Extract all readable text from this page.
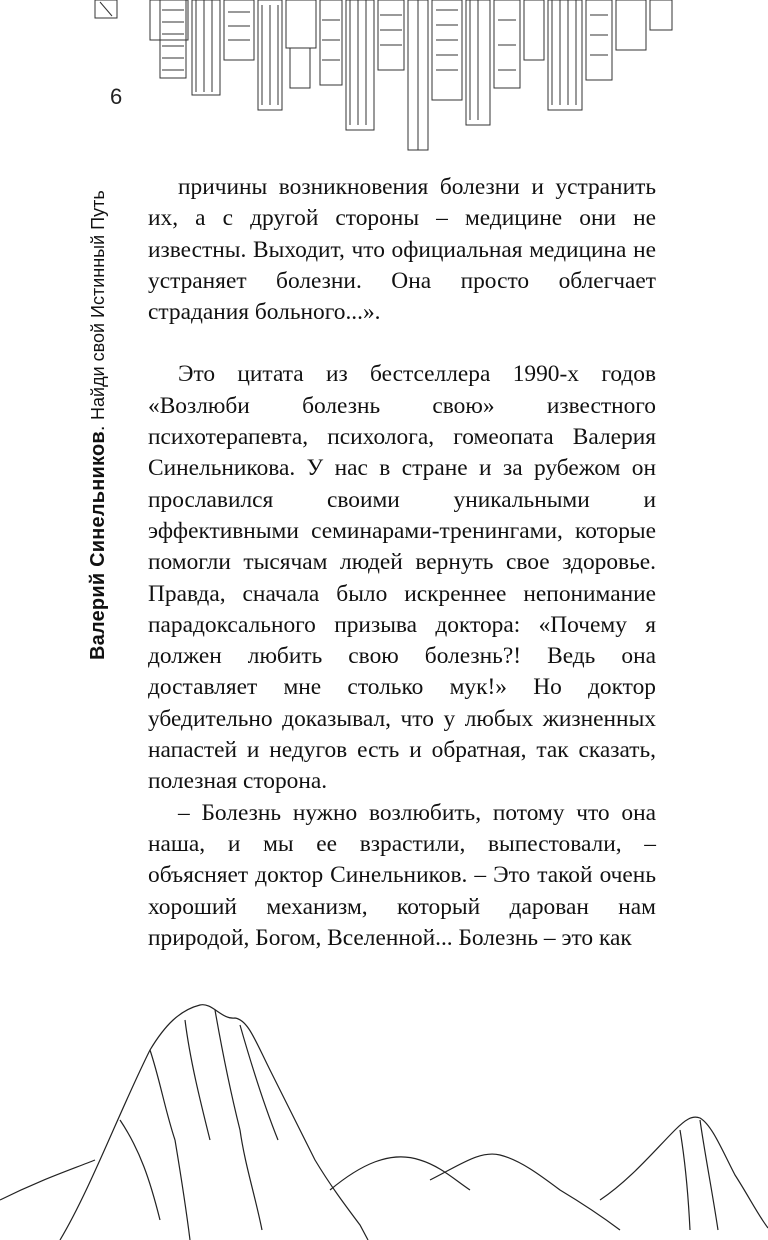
6
Валерий Синельников. Найди свой Истинный Путь

причины возникновения болезни и устранить их, а с другой стороны – медицине они не известны. Выходит, что официальная медицина не устраняет болезни. Она просто облегчает страдания больного...».

Это цитата из бестселлера 1990-х годов «Возлюби болезнь свою» известного психотерапевта, психолога, гомеопата Валерия Синельникова. У нас в стране и за рубежом он прославился своими уникальными и эффективными семинарами-тренингами, которые помогли тысячам людей вернуть свое здоровье. Правда, сначала было искреннее непонимание парадоксального призыва доктора: «Почему я должен любить свою болезнь?! Ведь она доставляет мне столько мук!» Но доктор убедительно доказывал, что у любых жизненных напастей и недугов есть и обратная, так сказать, полезная сторона.

– Болезнь нужно возлюбить, потому что она наша, и мы ее взрастили, выпестовали, – объясняет доктор Синельников. – Это такой очень хороший механизм, который дарован нам природой, Богом, Вселенной... Болезнь – это как
